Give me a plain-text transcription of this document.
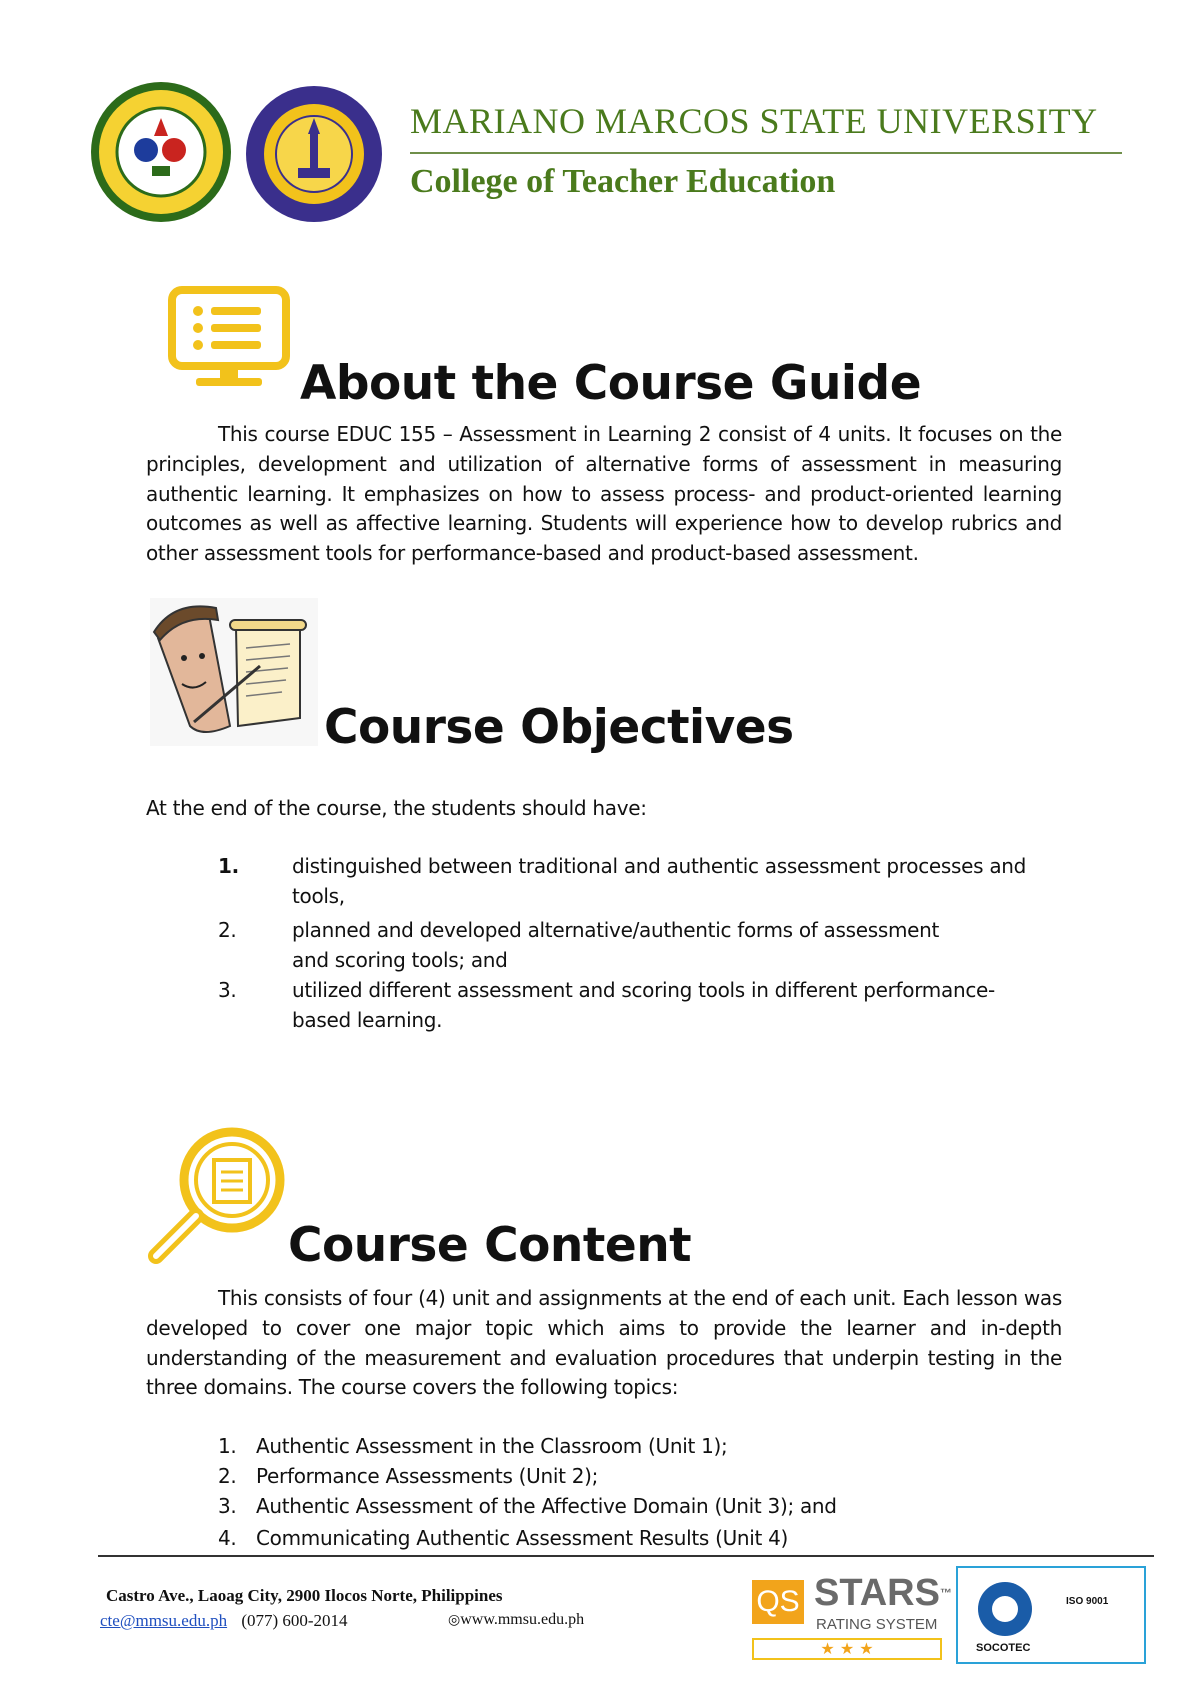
MARIANO MARCOS STATE UNIVERSITY
College of Teacher Education
About the Course Guide
This course EDUC 155 – Assessment in Learning 2 consist of 4 units. It focuses on the principles, development and utilization of alternative forms of assessment in measuring authentic learning. It emphasizes on how to assess process- and product-oriented learning outcomes as well as affective learning. Students will experience how to develop rubrics and other assessment tools for performance-based and product-based assessment.
Course Objectives
At the end of the course, the students should have:
1.	distinguished between traditional and authentic assessment processes and tools,
2.	planned and developed alternative/authentic forms of assessment and scoring tools; and
3.	utilized different assessment and scoring tools in different performance-based learning.
Course Content
This consists of four (4) unit and assignments at the end of each unit. Each lesson was developed to cover one major topic which aims to provide the learner and in-depth understanding of the measurement and evaluation procedures that underpin testing in the three domains. The course covers the following topics:
1. Authentic Assessment in the Classroom (Unit 1);
2. Performance Assessments (Unit 2);
3. Authentic Assessment of the Affective Domain (Unit 3); and
4. Communicating Authentic Assessment Results (Unit 4)
Castro Ave., Laoag City, 2900 Ilocos Norte, Philippines
cte@mmsu.edu.ph (077) 600-2014	◎www.mmsu.edu.ph
QS STARS™
RATING SYSTEM
★ ★ ★
ISO 9001
SOCOTEC
